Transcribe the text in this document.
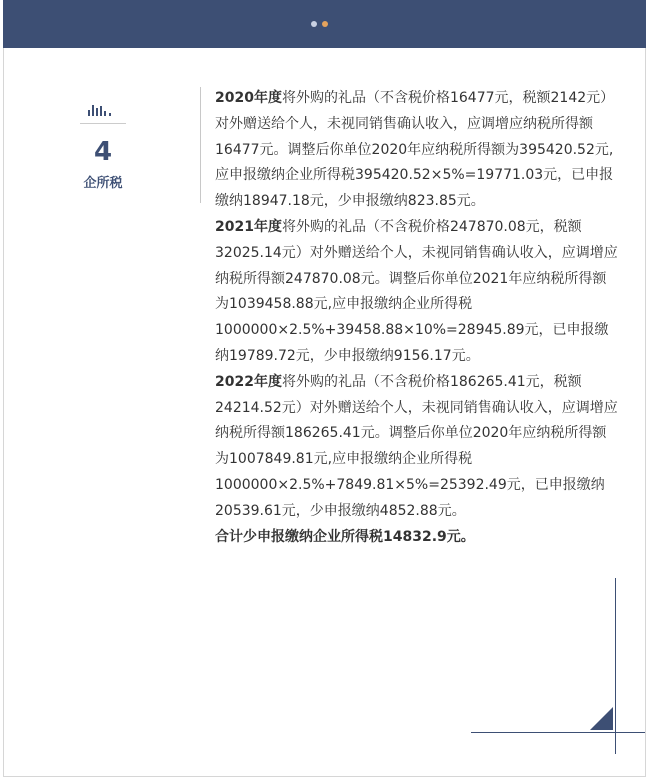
4
企所税

2020年度将外购的礼品（不含税价格16477元，税额2142元）对外赠送给个人，未视同销售确认收入，应调增应纳税所得额16477元。调整后你单位2020年应纳税所得额为395420.52元,应申报缴纳企业所得税395420.52×5%=19771.03元，已申报缴纳18947.18元，少申报缴纳823.85元。

2021年度将外购的礼品（不含税价格247870.08元，税额32025.14元）对外赠送给个人，未视同销售确认收入，应调增应纳税所得额247870.08元。调整后你单位2021年应纳税所得额为1039458.88元,应申报缴纳企业所得税

1000000×2.5%+39458.88×10%=28945.89元，已申报缴纳19789.72元，少申报缴纳9156.17元。

2022年度将外购的礼品（不含税价格186265.41元，税额24214.52元）对外赠送给个人，未视同销售确认收入，应调增应纳税所得额186265.41元。调整后你单位2020年应纳税所得额为1007849.81元,应申报缴纳企业所得税

1000000×2.5%+7849.81×5%=25392.49元，已申报缴纳20539.61元，少申报缴纳4852.88元。

合计少申报缴纳企业所得税14832.9元。
